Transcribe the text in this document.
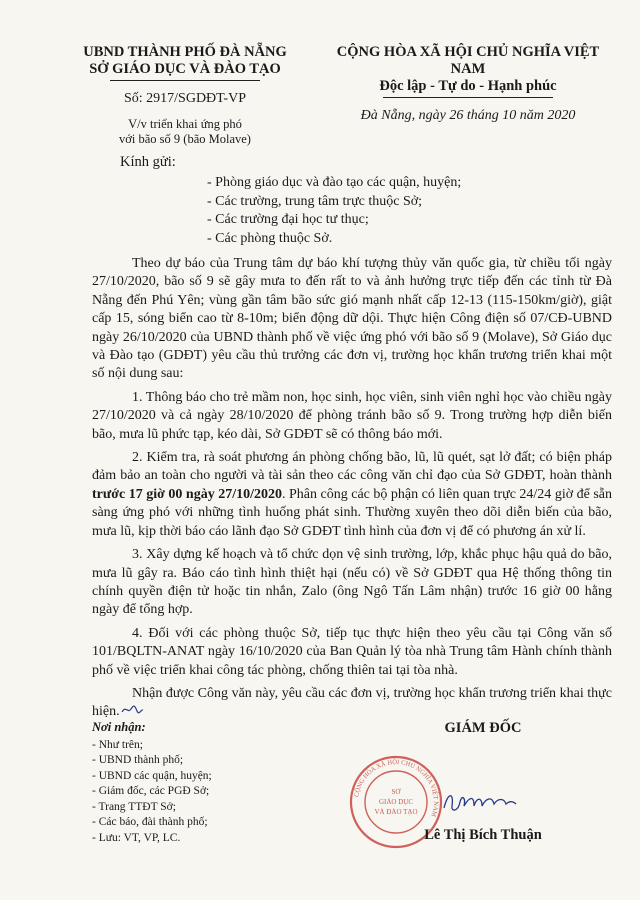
UBND THÀNH PHỐ ĐÀ NẴNG
SỞ GIÁO DỤC VÀ ĐÀO TẠO
Số: 2917/SGDĐT-VP
V/v triển khai ứng phó
với bão số 9 (bão Molave)
CỘNG HÒA XÃ HỘI CHỦ NGHĨA VIỆT NAM
Độc lập - Tự do - Hạnh phúc
Đà Nẵng, ngày 26 tháng 10 năm 2020
Kính gửi:
- Phòng giáo dục và đào tạo các quận, huyện;
- Các trường, trung tâm trực thuộc Sở;
- Các trường đại học tư thục;
- Các phòng thuộc Sở.

Theo dự báo của Trung tâm dự báo khí tượng thủy văn quốc gia, từ chiều tối ngày 27/10/2020, bão số 9 sẽ gây mưa to đến rất to và ảnh hưởng trực tiếp đến các tỉnh từ Đà Nẵng đến Phú Yên; vùng gần tâm bão sức gió mạnh nhất cấp 12-13 (115-150km/giờ), giật cấp 15, sóng biển cao từ 8-10m; biển động dữ dội. Thực hiện Công điện số 07/CĐ-UBND ngày 26/10/2020 của UBND thành phố về việc ứng phó với bão số 9 (Molave), Sở Giáo dục và Đào tạo (GDĐT) yêu cầu thủ trưởng các đơn vị, trường học khẩn trương triển khai một số nội dung sau:

1. Thông báo cho trẻ mầm non, học sinh, học viên, sinh viên nghỉ học vào chiều ngày 27/10/2020 và cả ngày 28/10/2020 để phòng tránh bão số 9. Trong trường hợp diễn biến bão, mưa lũ phức tạp, kéo dài, Sở GDĐT sẽ có thông báo mới.

2. Kiểm tra, rà soát phương án phòng chống bão, lũ, lũ quét, sạt lở đất; có biện pháp đảm bảo an toàn cho người và tài sản theo các công văn chỉ đạo của Sở GDĐT, hoàn thành trước 17 giờ 00 ngày 27/10/2020. Phân công các bộ phận có liên quan trực 24/24 giờ để sẵn sàng ứng phó với những tình huống phát sinh. Thường xuyên theo dõi diễn biến của bão, mưa lũ, kịp thời báo cáo lãnh đạo Sở GDĐT tình hình của đơn vị để có phương án xử lí.

3. Xây dựng kế hoạch và tổ chức dọn vệ sinh trường, lớp, khắc phục hậu quả do bão, mưa lũ gây ra. Báo cáo tình hình thiệt hại (nếu có) về Sở GDĐT qua Hệ thống thông tin chính quyền điện tử hoặc tin nhắn, Zalo (ông Ngô Tấn Lâm nhận) trước 16 giờ 00 hằng ngày để tổng hợp.

4. Đối với các phòng thuộc Sở, tiếp tục thực hiện theo yêu cầu tại Công văn số 101/BQLTN-ANAT ngày 16/10/2020 của Ban Quản lý tòa nhà Trung tâm Hành chính thành phố về việc triển khai công tác phòng, chống thiên tai tại tòa nhà.

Nhận được Công văn này, yêu cầu các đơn vị, trường học khẩn trương triển khai thực hiện.

Nơi nhận:
- Như trên;
- UBND thành phố;
- UBND các quận, huyện;
- Giám đốc, các PGĐ Sở;
- Trang TTĐT Sở;
- Các báo, đài thành phố;
- Lưu: VT, VP, LC.
CỘNG HÒA XÃ HỘI CHỦ NGHĨA VIỆT NAM
SỞ
GIÁO DỤC
VÀ ĐÀO TẠO
GIÁM ĐỐC
Lê Thị Bích Thuận
